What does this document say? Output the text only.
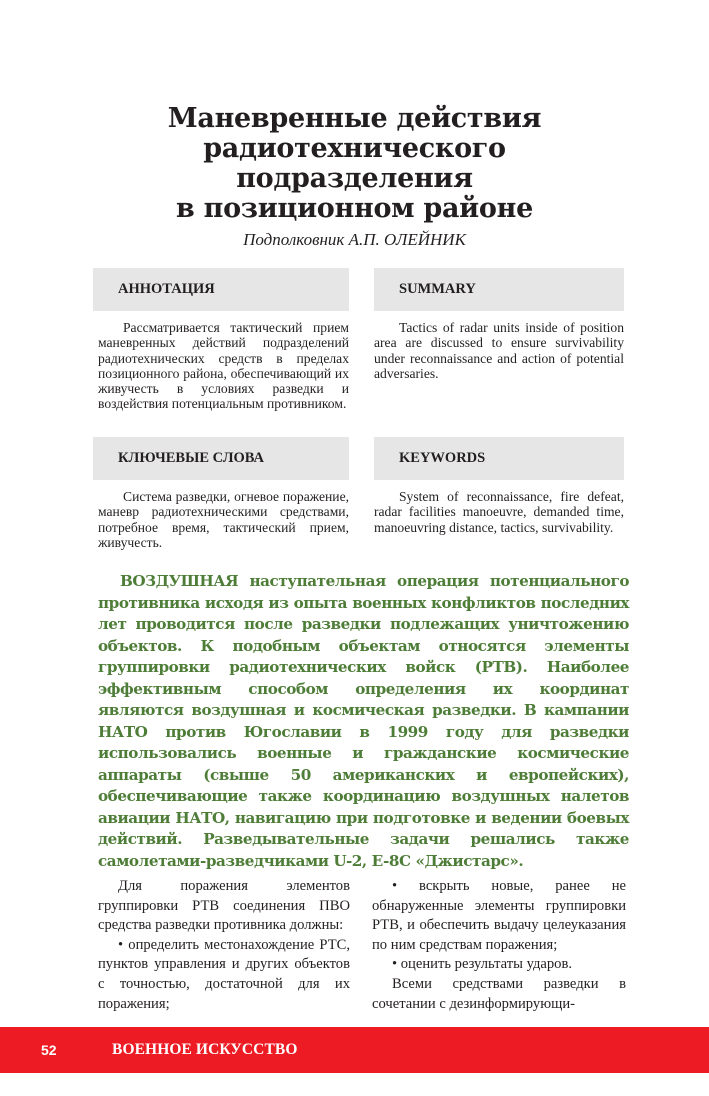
Маневренные действия
радиотехнического
подразделения
в позиционном районе
Подполковник А.П. ОЛЕЙНИК
АННОТАЦИЯ	SUMMARY
Рассматривается тактический прием маневренных действий подразделений радиотехнических средств в пределах позиционного района, обеспечивающий их живучесть в условиях разведки и воздействия потенциальным противником.
Tactics of radar units inside of position area are discussed to ensure survivability under reconnaissance and action of potential adversaries.
КЛЮЧЕВЫЕ СЛОВА	KEYWORDS
Система разведки, огневое поражение, маневр радиотехническими средствами, потребное время, тактический прием, живучесть.
System of reconnaissance, fire defeat, radar facilities manoeuvre, demanded time, manoeuvring distance, tactics, survivability.
ВОЗДУШНАЯ наступательная операция потенциального противника исходя из опыта военных конфликтов последних лет проводится после разведки подлежащих уничтожению объектов. К подобным объектам относятся элементы группировки радиотехнических войск (РТВ). Наиболее эффективным способом определения их координат являются воздушная и космическая разведки. В кампании НАТО против Югославии в 1999 году для разведки использовались военные и гражданские космические аппараты (свыше 50 американских и европейских), обеспечивающие также координацию воздушных налетов авиации НАТО, навигацию при подготовке и ведении боевых действий. Разведывательные задачи решались также самолетами-разведчиками U-2, E-8C «Джистарс».

Для поражения элементов группировки РТВ соединения ПВО средства разведки противника должны:

• определить местонахождение РТС, пунктов управления и других объектов с точностью, достаточной для их поражения;

• вскрыть новые, ранее не обнаруженные элементы группировки РТВ, и обеспечить выдачу целеуказания по ним средствам поражения;

• оценить результаты ударов.

Всеми средствами разведки в сочетании с дезинформирующи-

52	ВОЕННОЕ ИСКУССТВО
